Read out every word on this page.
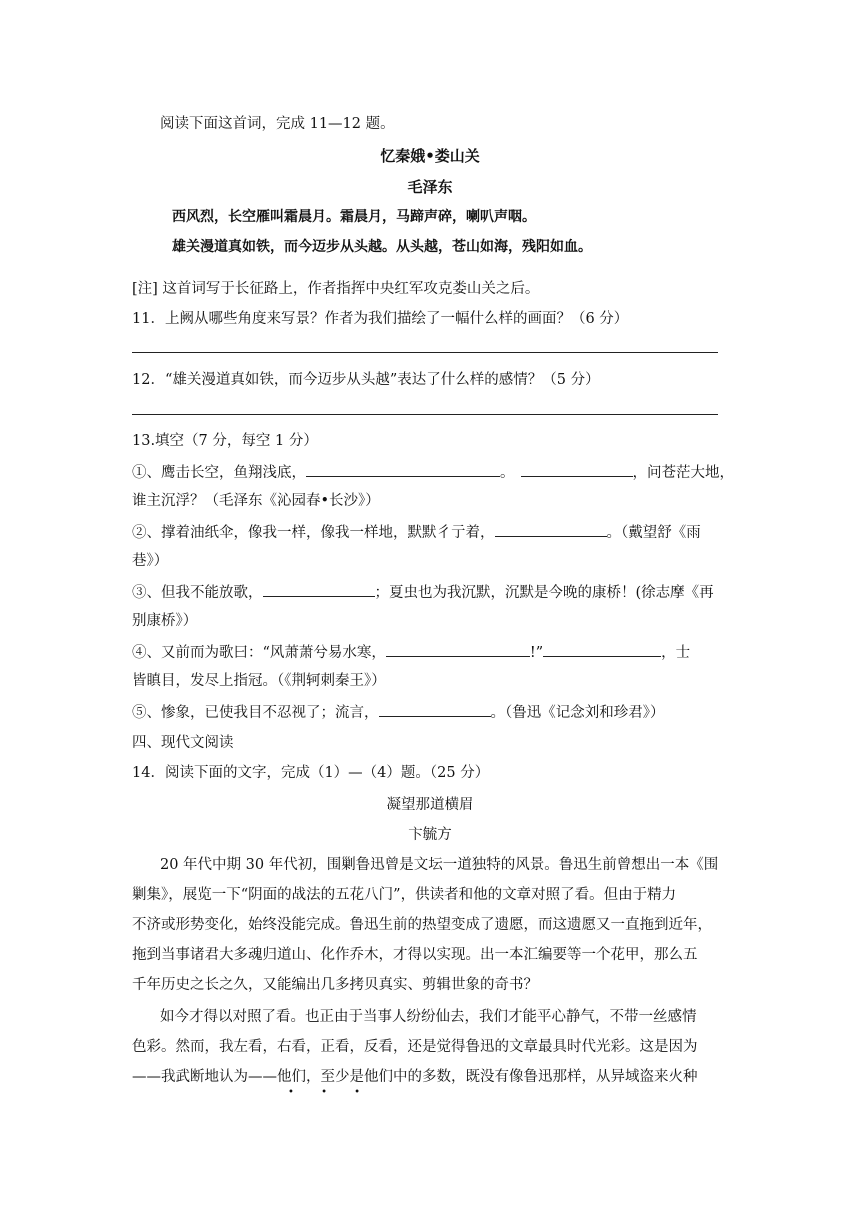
阅读下面这首词，完成 11—12 题。
忆秦娥•娄山关
毛泽东
西风烈，长空雁叫霜晨月。霜晨月，马蹄声碎，喇叭声咽。
雄关漫道真如铁，而今迈步从头越。从头越，苍山如海，残阳如血。
[注] 这首词写于长征路上，作者指挥中央红军攻克娄山关之后。
11．上阙从哪些角度来写景？作者为我们描绘了一幅什么样的画面？（6 分）
12．“雄关漫道真如铁，而今迈步从头越”表达了什么样的感情？（5 分）
13.填空（7 分，每空 1 分）
①、鹰击长空，鱼翔浅底，	。	，问苍茫大地，
谁主沉浮？（毛泽东《沁园春•长沙》）
②、撑着油纸伞，像我一样，像我一样地，默默彳亍着，	。（戴望舒《雨
巷》）
③、但我不能放歌，	；夏虫也为我沉默，沉默是今晚的康桥！(徐志摩《再
别康桥》）
④、又前而为歌曰：“风萧萧兮易水寒，	!”	，士
皆瞋目，发尽上指冠。（《荆轲刺秦王》）
⑤、惨象，已使我目不忍视了；流言，	。（鲁迅《记念刘和珍君》）
四、现代文阅读
14．阅读下面的文字，完成（1）—（4）题。（25 分）
凝望那道横眉
卞毓方
20 年代中期 30 年代初，围剿鲁迅曾是文坛一道独特的风景。鲁迅生前曾想出一本《围
剿集》，展览一下“阴面的战法的五花八门”，供读者和他的文章对照了看。但由于精力
不济或形势变化，始终没能完成。鲁迅生前的热望变成了遗愿，而这遗愿又一直拖到近年，
拖到当事诸君大多魂归道山、化作乔木，才得以实现。出一本汇编要等一个花甲，那么五
千年历史之长之久，又能编出几多拷贝真实、剪辑世象的奇书？
如今才得以对照了看。也正由于当事人纷纷仙去，我们才能平心静气，不带一丝感情
色彩。然而，我左看，右看，正看，反看，还是觉得鲁迅的文章最具时代光彩。这是因为
——我武断地认为——他们，至少是他们中的多数，既没有像鲁迅那样，从异域盗来火种
• • •
